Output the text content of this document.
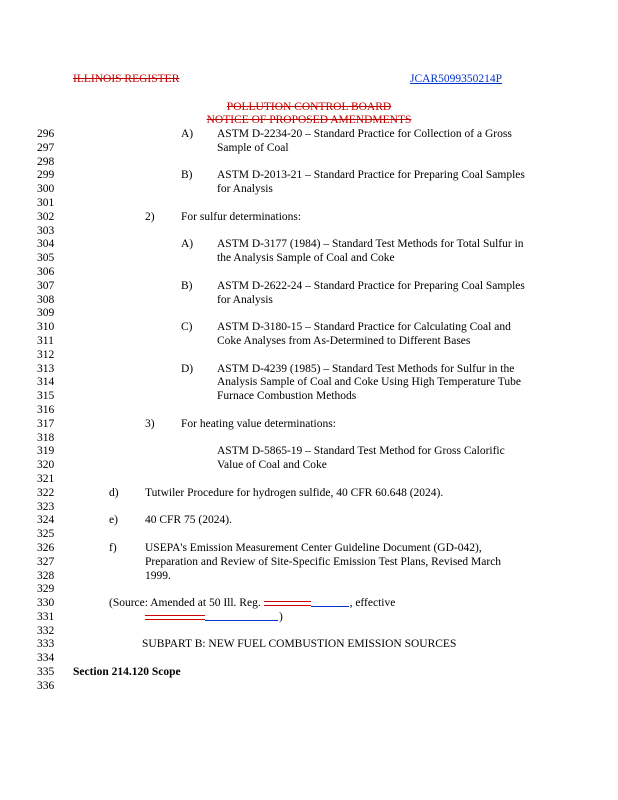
ILLINOIS REGISTER	JCAR5099350214P
POLLUTION CONTROL BOARD
NOTICE OF PROPOSED AMENDMENTS
296	A) ASTM D-2234-20 – Standard Practice for Collection of a Gross
297	Sample of Coal
298
299	B) ASTM D-2013-21 – Standard Practice for Preparing Coal Samples
300	for Analysis
301
302	2) For sulfur determinations:
303
304	A) ASTM D-3177 (1984) – Standard Test Methods for Total Sulfur in
305	the Analysis Sample of Coal and Coke
306
307	B) ASTM D-2622-24 – Standard Practice for Preparing Coal Samples
308	for Analysis
309
310	C) ASTM D-3180-15 – Standard Practice for Calculating Coal and
311	Coke Analyses from As-Determined to Different Bases
312
313	D) ASTM D-4239 (1985) – Standard Test Methods for Sulfur in the
314	Analysis Sample of Coal and Coke Using High Temperature Tube
315	Furnace Combustion Methods
316
317	3) For heating value determinations:
318
319	ASTM D-5865-19 – Standard Test Method for Gross Calorific
320	Value of Coal and Coke
321
322	d) Tutwiler Procedure for hydrogen sulfide, 40 CFR 60.648 (2024).
323
324	e) 40 CFR 75 (2024).
325
326	f) USEPA's Emission Measurement Center Guideline Document (GD-042),
327	Preparation and Review of Site-Specific Emission Test Plans, Revised March
328	1999.
329
330	(Source: Amended at 50 Ill. Reg.	, effective
331	)
332
333	SUBPART B: NEW FUEL COMBUSTION EMISSION SOURCES
334
335 Section 214.120 Scope
336
